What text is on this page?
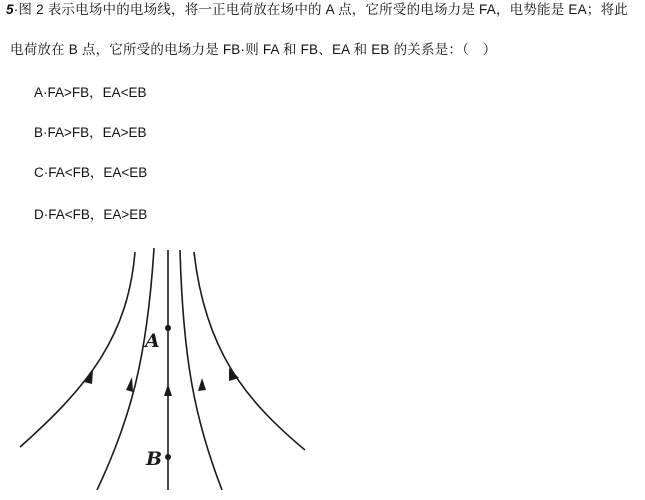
5·图 2 表示电场中的电场线，将一正电荷放在场中的 A 点，它所受的电场力是 FA，电势能是 EA；将此
电荷放在 B 点，它所受的电场力是 FB·则 FA 和 FB、EA 和 EB 的关系是：（　）
A·FA>FB，EA<EB
B·FA>FB，EA>EB
C·FA<FB，EA<EB
D·FA<FB，EA>EB
A
B
